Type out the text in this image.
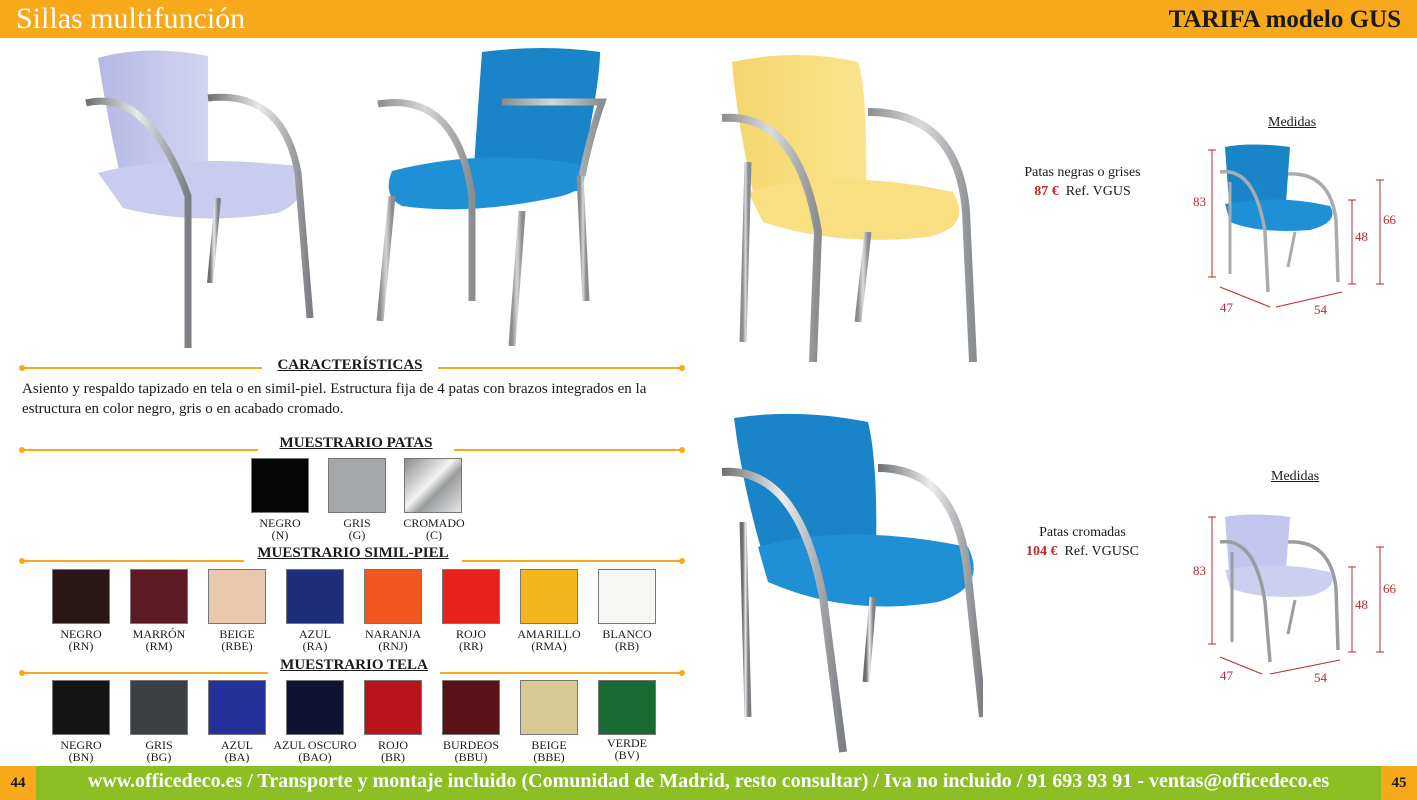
Sillas multifunción	TARIFA modelo GUS
CARACTERÍSTICAS
Asiento y respaldo tapizado en tela o en simil-piel. Estructura fija de 4 patas con brazos integrados en la estructura en color negro, gris o en acabado cromado.
MUESTRARIO PATAS
NEGRO
(N)
GRIS
(G)
CROMADO
(C)
MUESTRARIO SIMIL-PIEL
NEGRO
(RN)
MARRÓN
(RM)
BEIGE
(RBE)
AZUL
(RA)
NARANJA
(RNJ)
ROJO
(RR)
AMARILLO
(RMA)
BLANCO
(RB)
MUESTRARIO TELA
NEGRO
(BN)
GRIS
(BG)
AZUL
(BA)
AZUL OSCURO
(BAO)
ROJO
(BR)
BURDEOS
(BBU)
BEIGE
(BBE)
VERDE
(BV)
Patas negras o grises
87 € Ref. VGUS
Medidas
83
66
48
47	54
Patas cromadas
104 € Ref. VGUSC
Medidas
83
66
48
47	54
44	www.officedeco.es / Transporte y montaje incluido (Comunidad de Madrid, resto consultar) / Iva no incluido / 91 693 93 91 - ventas@officedeco.es	45
